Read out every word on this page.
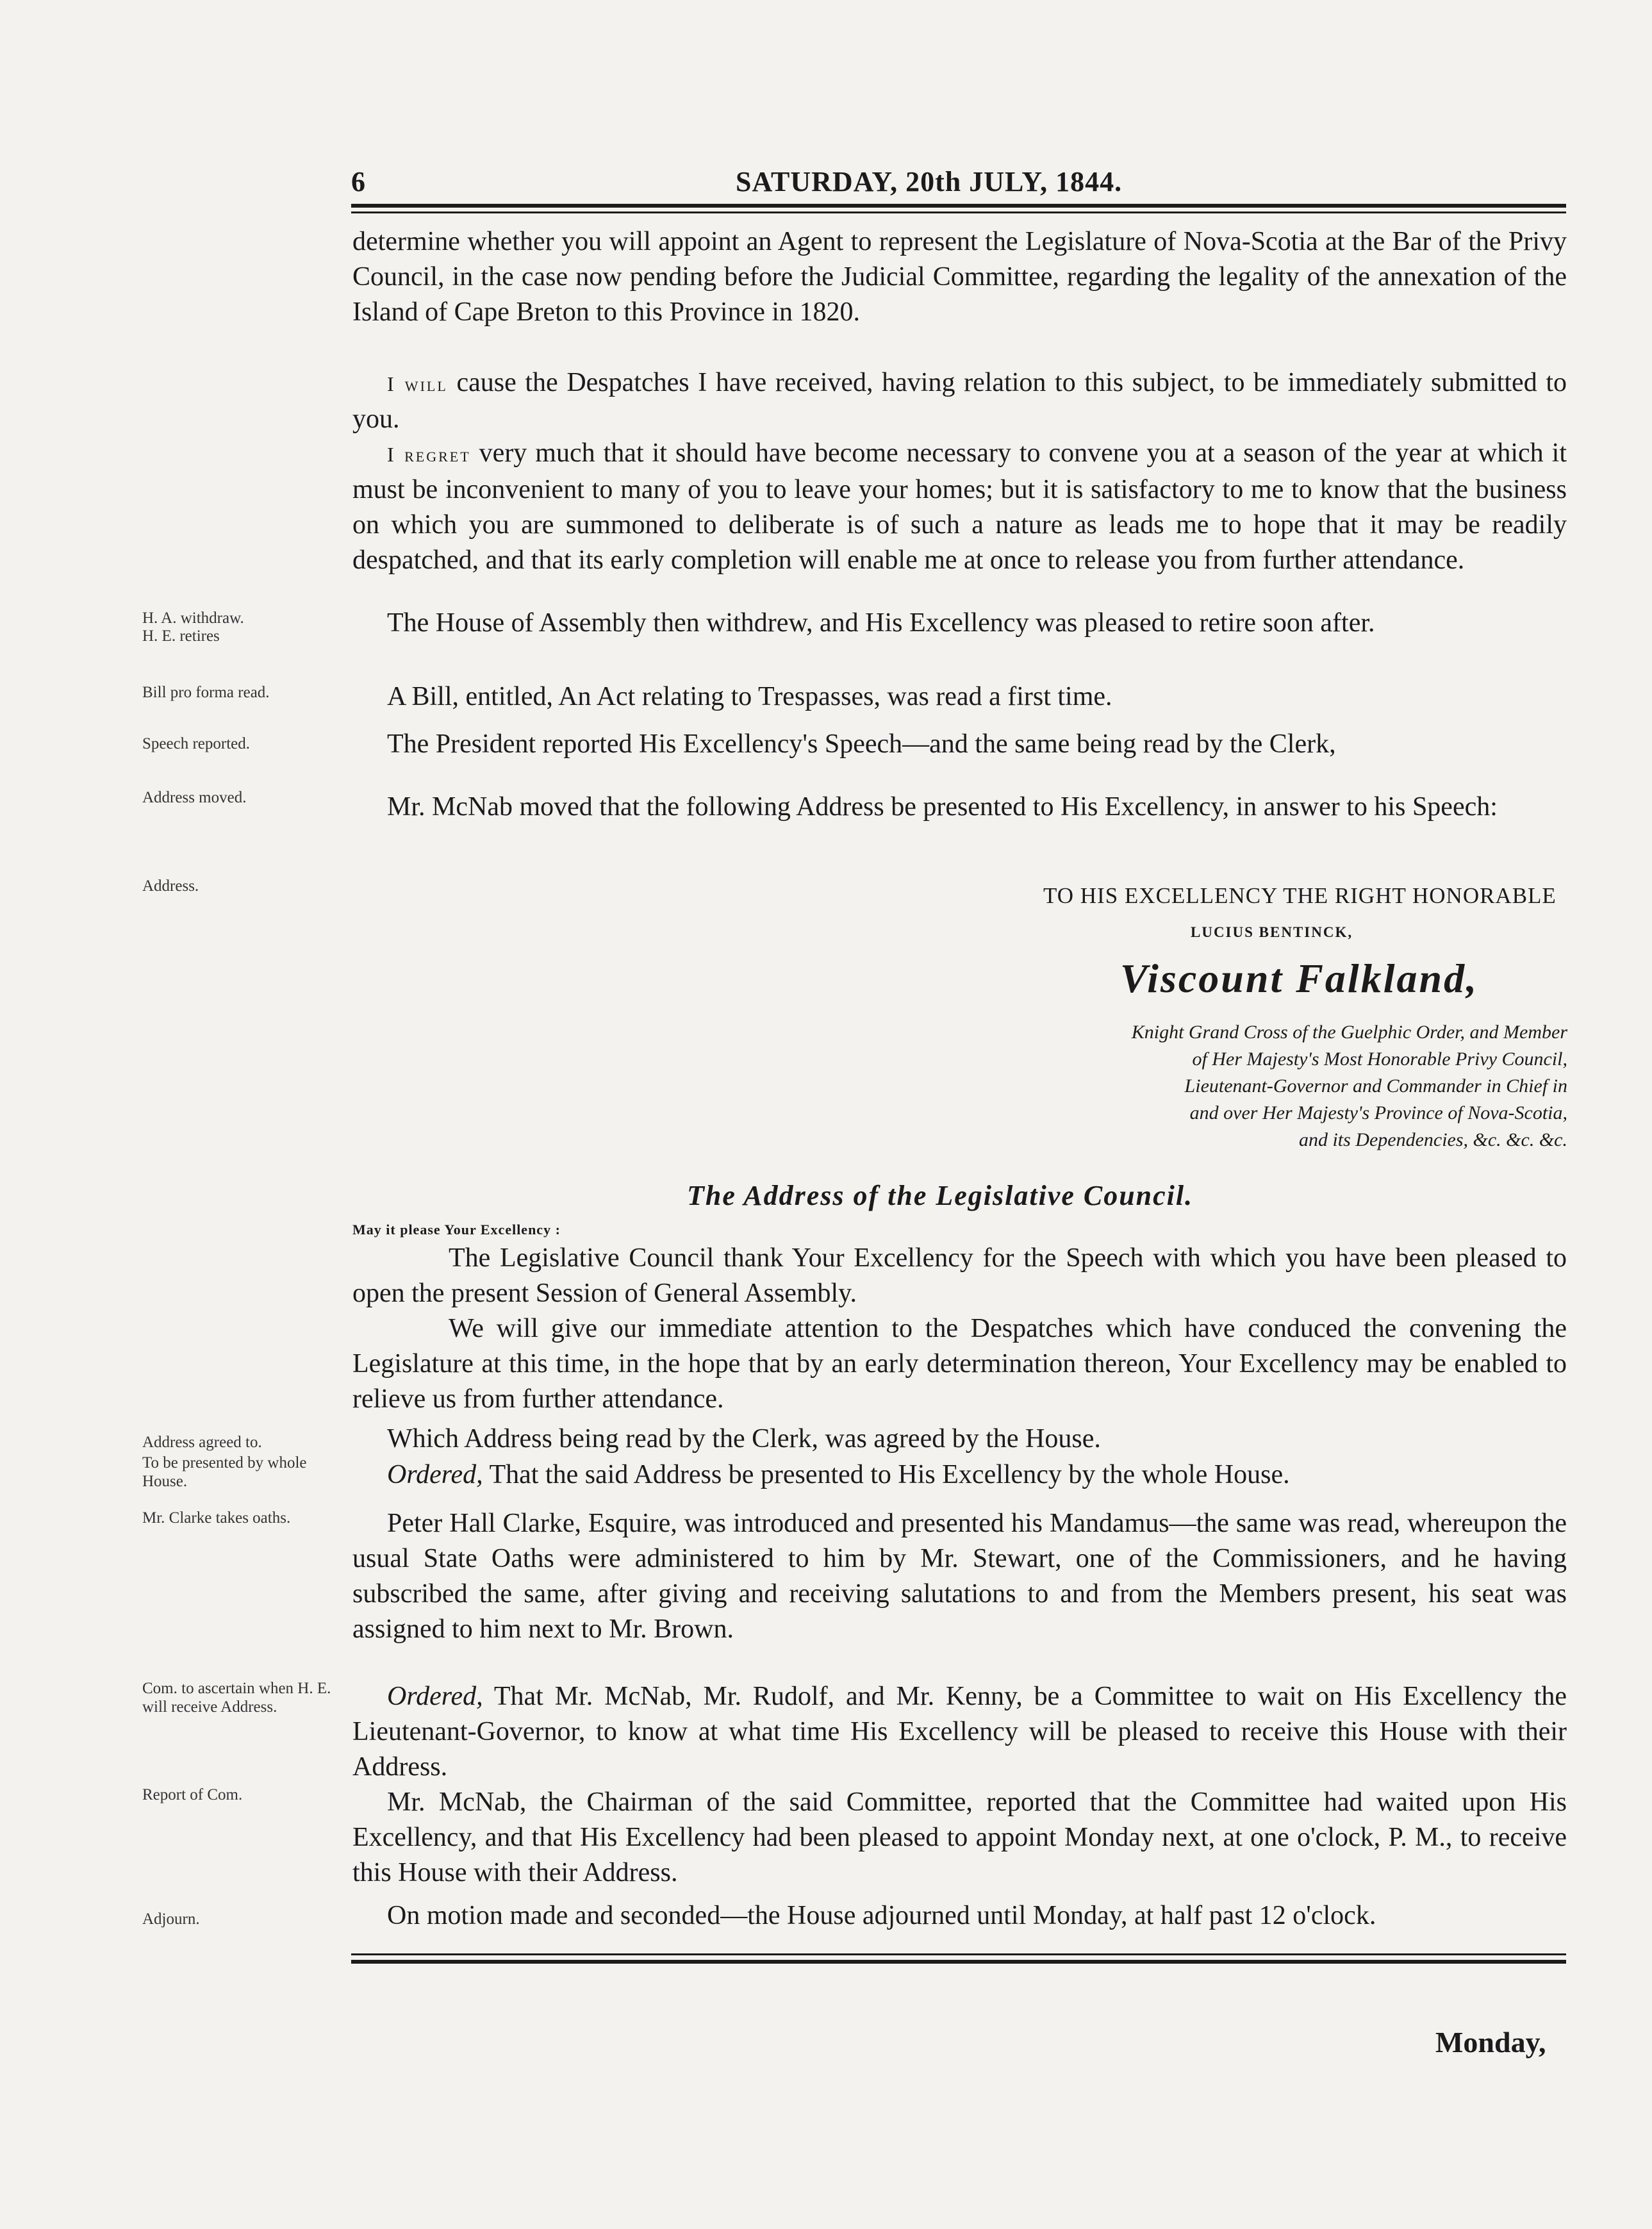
6	SATURDAY, 20th JULY, 1844.
H. A. withdraw.
H. E. retires
Bill pro forma read.
Speech reported.
Address moved.
Address.
Address agreed to.
To be presented by whole House.
Mr. Clarke takes oaths.
Com. to ascertain when H. E. will receive Address.
Report of Com.
Adjourn.

determine whether you will appoint an Agent to represent the Legislature of Nova-Scotia at the Bar of the Privy Council, in the case now pending before the Judicial Committee, regarding the legality of the annexation of the Island of Cape Breton to this Province in 1820.

I will cause the Despatches I have received, having relation to this subject, to be immediately submitted to you.

I regret very much that it should have become necessary to convene you at a season of the year at which it must be inconvenient to many of you to leave your homes; but it is satisfactory to me to know that the business on which you are summoned to deliberate is of such a nature as leads me to hope that it may be readily despatched, and that its early completion will enable me at once to release you from further attendance.

The House of Assembly then withdrew, and His Excellency was pleased to retire soon after.

A Bill, entitled, An Act relating to Trespasses, was read a first time.

The President reported His Excellency's Speech—and the same being read by the Clerk,

Mr. McNab moved that the following Address be presented to His Excellency, in answer to his Speech:

TO HIS EXCELLENCY THE RIGHT HONORABLE
LUCIUS BENTINCK,
Viscount Falkland,

Knight Grand Cross of the Guelphic Order, and Member
of Her Majesty's Most Honorable Privy Council,
Lieutenant-Governor and Commander in Chief in
and over Her Majesty's Province of Nova-Scotia,
and its Dependencies, &c. &c. &c.

The Address of the Legislative Council.
May it please Your Excellency :

The Legislative Council thank Your Excellency for the Speech with which you have been pleased to open the present Session of General Assembly.

We will give our immediate attention to the Despatches which have conduced the convening the Legislature at this time, in the hope that by an early determination thereon, Your Excellency may be enabled to relieve us from further attendance.

Which Address being read by the Clerk, was agreed by the House.

Ordered, That the said Address be presented to His Excellency by the whole House.

Peter Hall Clarke, Esquire, was introduced and presented his Mandamus—the same was read, whereupon the usual State Oaths were administered to him by Mr. Stewart, one of the Commissioners, and he having subscribed the same, after giving and receiving salutations to and from the Members present, his seat was assigned to him next to Mr. Brown.

Ordered, That Mr. McNab, Mr. Rudolf, and Mr. Kenny, be a Committee to wait on His Excellency the Lieutenant-Governor, to know at what time His Excellency will be pleased to receive this House with their Address.

Mr. McNab, the Chairman of the said Committee, reported that the Committee had waited upon His Excellency, and that His Excellency had been pleased to appoint Monday next, at one o'clock, P. M., to receive this House with their Address.

On motion made and seconded—the House adjourned until Monday, at half past 12 o'clock.

Monday,
